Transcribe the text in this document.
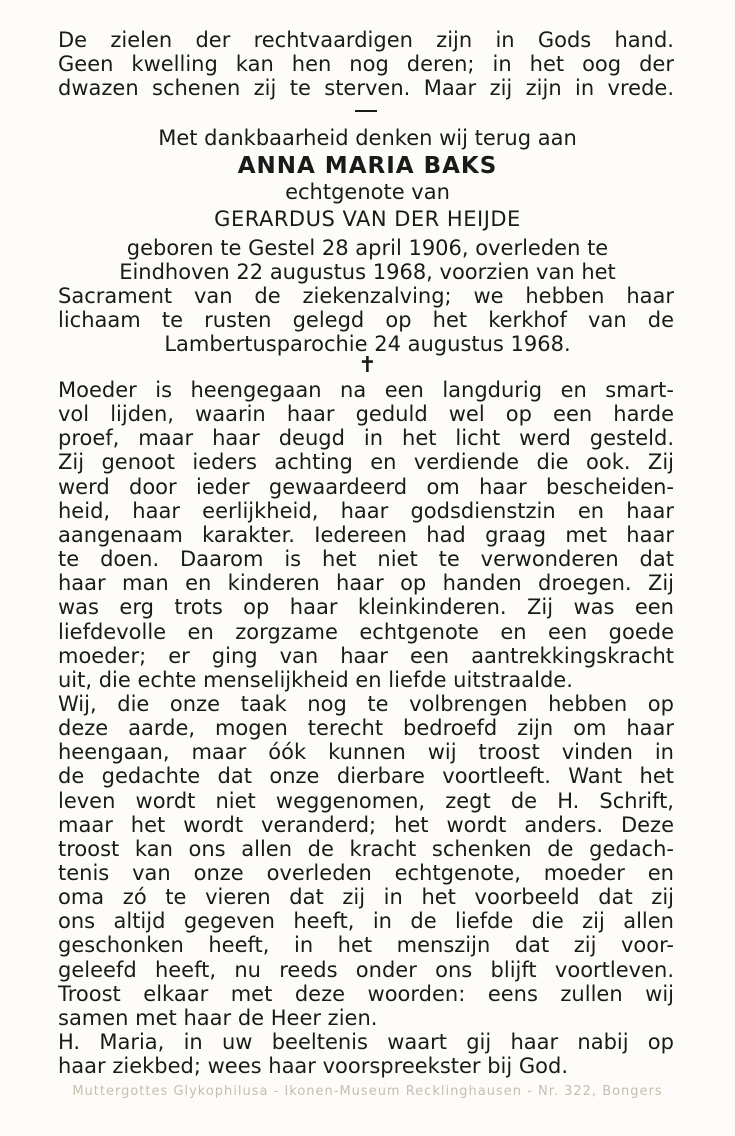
De zielen der rechtvaardigen zijn in Gods hand.
Geen kwelling kan hen nog deren; in het oog der
dwazen schenen zij te sterven. Maar zij zijn in vrede.
Met dankbaarheid denken wij terug aan
ANNA MARIA BAKS
echtgenote van
GERARDUS VAN DER HEIJDE
geboren te Gestel 28 april 1906, overleden te
Eindhoven 22 augustus 1968, voorzien van het
Sacrament van de ziekenzalving; we hebben haar
lichaam te rusten gelegd op het kerkhof van de
Lambertusparochie 24 augustus 1968.
✝
Moeder is heengegaan na een langdurig en smart-
vol lijden, waarin haar geduld wel op een harde
proef, maar haar deugd in het licht werd gesteld.
Zij genoot ieders achting en verdiende die ook. Zij
werd door ieder gewaardeerd om haar bescheiden-
heid, haar eerlijkheid, haar godsdienstzin en haar
aangenaam karakter. Iedereen had graag met haar
te doen. Daarom is het niet te verwonderen dat
haar man en kinderen haar op handen droegen. Zij
was erg trots op haar kleinkinderen. Zij was een
liefdevolle en zorgzame echtgenote en een goede
moeder; er ging van haar een aantrekkingskracht
uit, die echte menselijkheid en liefde uitstraalde.
Wij, die onze taak nog te volbrengen hebben op
deze aarde, mogen terecht bedroefd zijn om haar
heengaan, maar óók kunnen wij troost vinden in
de gedachte dat onze dierbare voortleeft. Want het
leven wordt niet weggenomen, zegt de H. Schrift,
maar het wordt veranderd; het wordt anders. Deze
troost kan ons allen de kracht schenken de gedach-
tenis van onze overleden echtgenote, moeder en
oma zó te vieren dat zij in het voorbeeld dat zij
ons altijd gegeven heeft, in de liefde die zij allen
geschonken heeft, in het menszijn dat zij voor-
geleefd heeft, nu reeds onder ons blijft voortleven.
Troost elkaar met deze woorden: eens zullen wij
samen met haar de Heer zien.
H. Maria, in uw beeltenis waart gij haar nabij op
haar ziekbed; wees haar voorspreekster bij God.
Muttergottes Glykophilusa - Ikonen-Museum Recklinghausen - Nr. 322, Bongers
